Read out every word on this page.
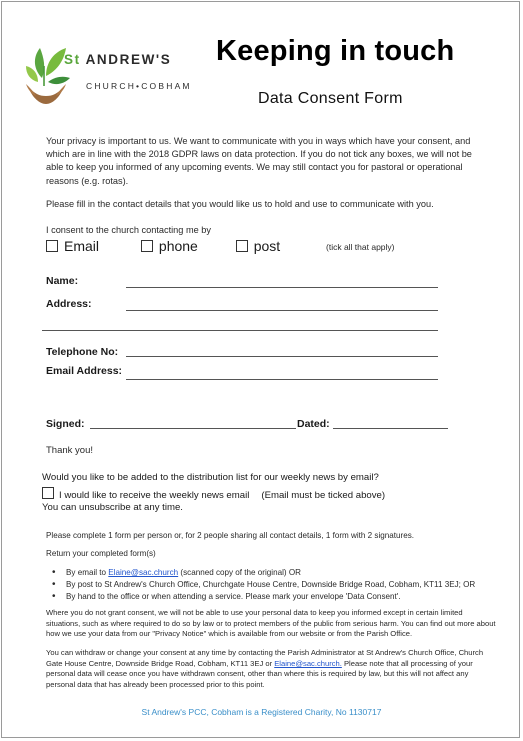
St ANDREW'S
CHURCH•COBHAM
Keeping in touch
Data Consent Form
Your privacy is important to us. We want to communicate with you in ways which have your consent, and which are in line with the 2018 GDPR laws on data protection. If you do not tick any boxes, we will not be able to keep you informed of any upcoming events. We may still contact you for pastoral or operational reasons (e.g. rotas).
Please fill in the contact details that you would like us to hold and use to communicate with you.
I consent to the church contacting me by
Email	phone	post	(tick all that apply)
Name:
Address:
Telephone No:
Email Address:
Signed:	Dated:
Thank you!
Would you like to be added to the distribution list for our weekly news by email?
I would like to receive the weekly news email (Email must be ticked above)
You can unsubscribe at any time.
Please complete 1 form per person or, for 2 people sharing all contact details, 1 form with 2 signatures.
Return your completed form(s)
• By email to Elaine@sac.church (scanned copy of the original) OR
• By post to St Andrew's Church Office, Churchgate House Centre, Downside Bridge Road, Cobham, KT11 3EJ; OR
• By hand to the office or when attending a service. Please mark your envelope 'Data Consent'.
Where you do not grant consent, we will not be able to use your personal data to keep you informed except in certain limited situations, such as where required to do so by law or to protect members of the public from serious harm. You can find out more about how we use your data from our "Privacy Notice" which is available from our website or from the Parish Office.
You can withdraw or change your consent at any time by contacting the Parish Administrator at St Andrew's Church Office, Church Gate House Centre, Downside Bridge Road, Cobham, KT11 3EJ or Elaine@sac.church. Please note that all processing of your personal data will cease once you have withdrawn consent, other than where this is required by law, but this will not affect any personal data that has already been processed prior to this point.
St Andrew's PCC, Cobham is a Registered Charity, No 1130717
